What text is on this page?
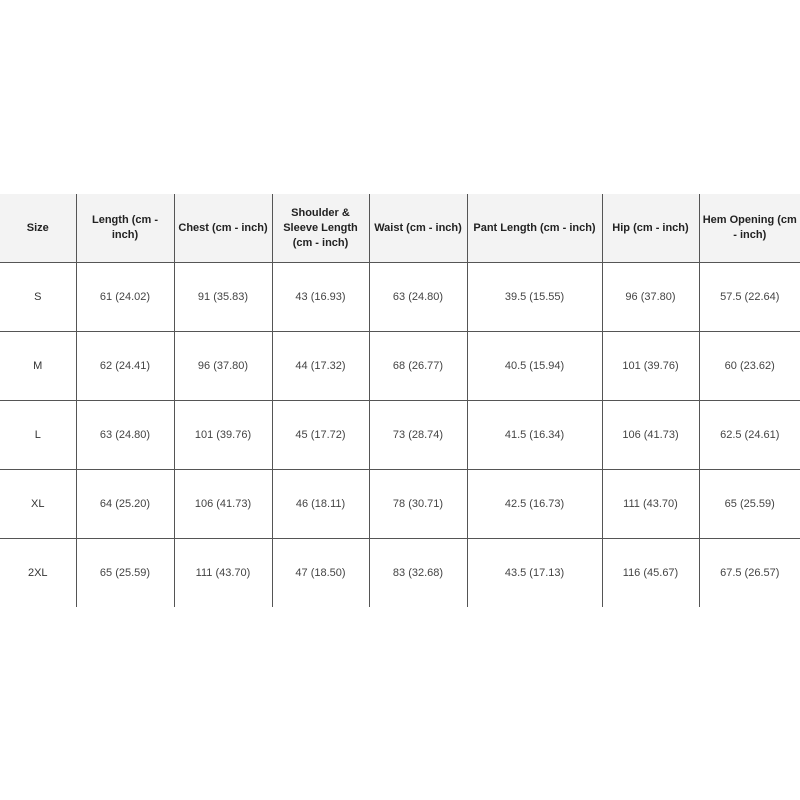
Size	Length (cm - inch)	Chest (cm - inch)	Shoulder & Sleeve Length (cm - inch)	Waist (cm - inch)	Pant Length (cm - inch)	Hip (cm - inch)	Hem Opening (cm - inch)
S	61 (24.02)	91 (35.83)	43 (16.93)	63 (24.80)	39.5 (15.55)	96 (37.80)	57.5 (22.64)
M	62 (24.41)	96 (37.80)	44 (17.32)	68 (26.77)	40.5 (15.94)	101 (39.76)	60 (23.62)
L	63 (24.80)	101 (39.76)	45 (17.72)	73 (28.74)	41.5 (16.34)	106 (41.73)	62.5 (24.61)
XL	64 (25.20)	106 (41.73)	46 (18.11)	78 (30.71)	42.5 (16.73)	111 (43.70)	65 (25.59)
2XL	65 (25.59)	111 (43.70)	47 (18.50)	83 (32.68)	43.5 (17.13)	116 (45.67)	67.5 (26.57)
